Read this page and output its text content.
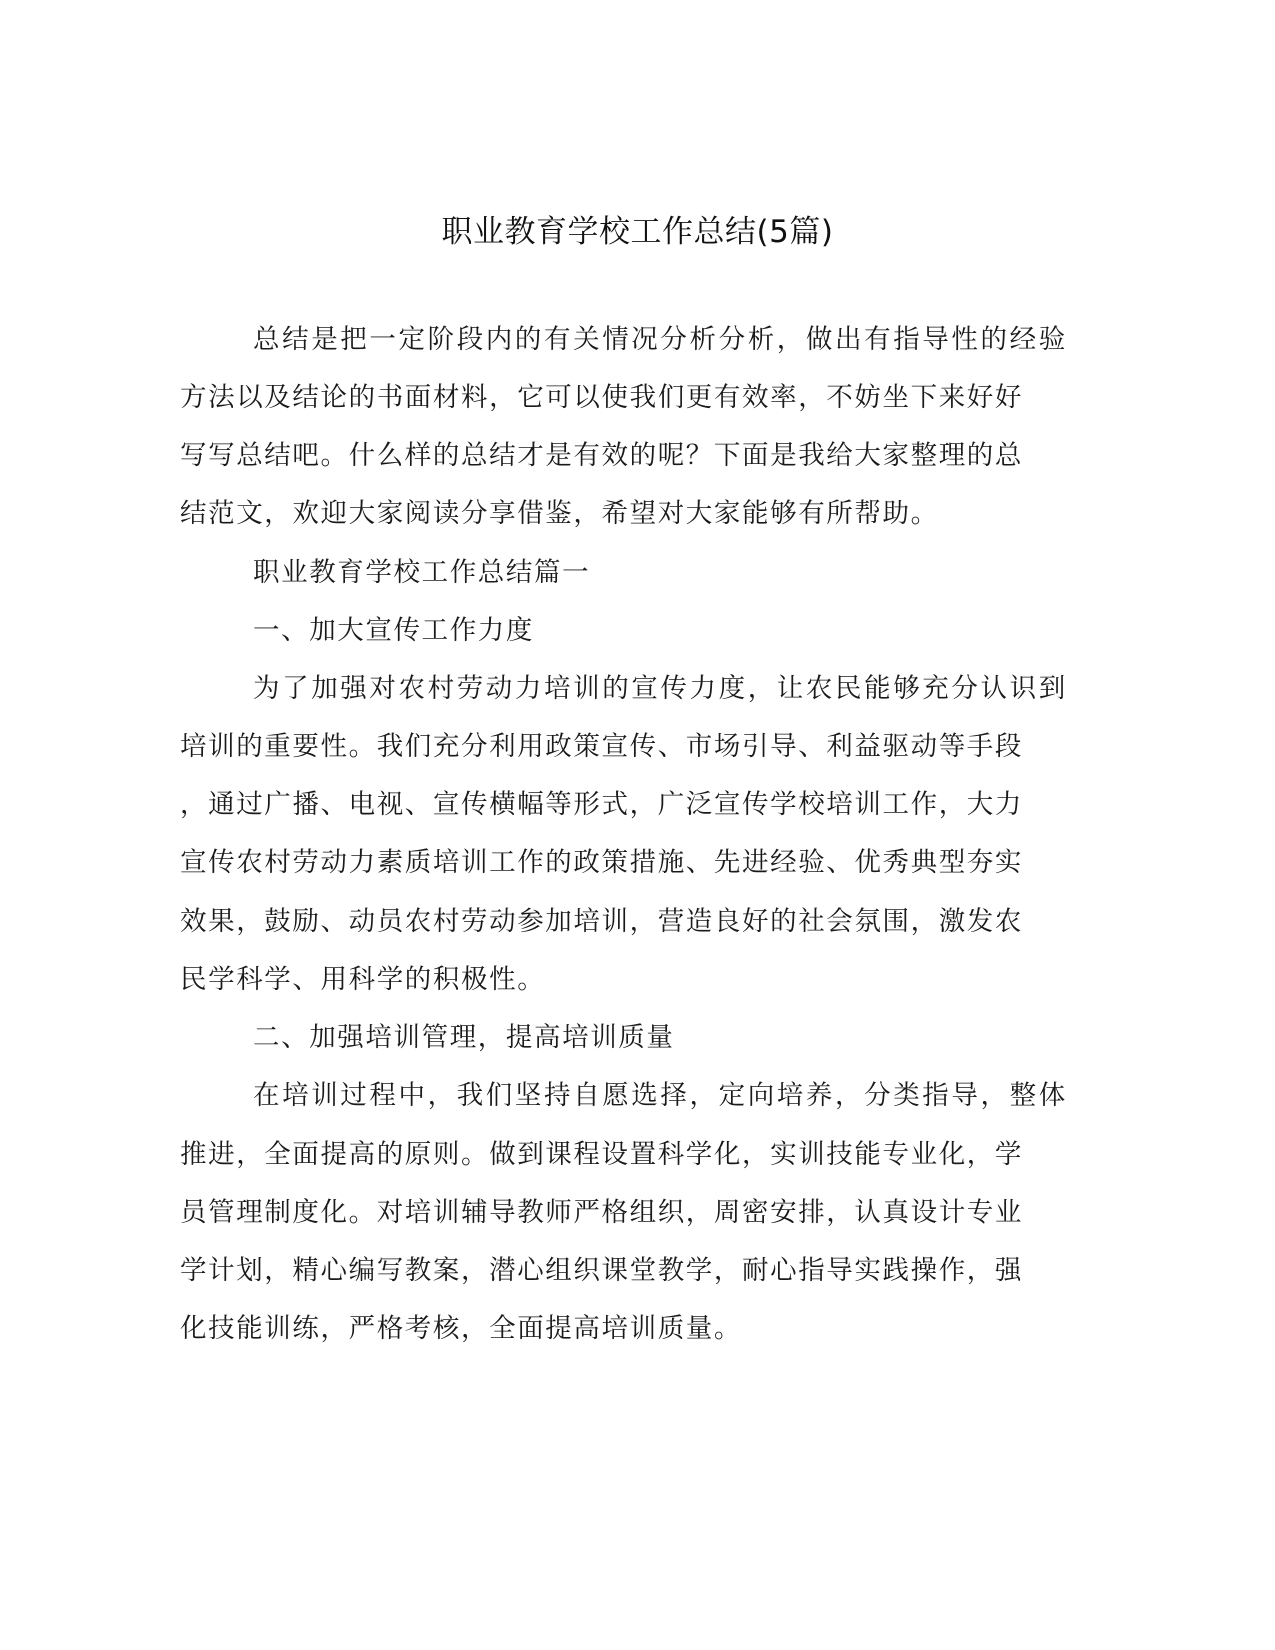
职业教育学校工作总结(5篇)
总结是把一定阶段内的有关情况分析分析，做出有指导性的经验
方法以及结论的书面材料，它可以使我们更有效率，不妨坐下来好好
写写总结吧。什么样的总结才是有效的呢？下面是我给大家整理的总
结范文，欢迎大家阅读分享借鉴，希望对大家能够有所帮助。
职业教育学校工作总结篇一
一、加大宣传工作力度
为了加强对农村劳动力培训的宣传力度，让农民能够充分认识到
培训的重要性。我们充分利用政策宣传、市场引导、利益驱动等手段
，通过广播、电视、宣传横幅等形式，广泛宣传学校培训工作，大力
宣传农村劳动力素质培训工作的政策措施、先进经验、优秀典型夯实
效果，鼓励、动员农村劳动参加培训，营造良好的社会氛围，激发农
民学科学、用科学的积极性。
二、加强培训管理，提高培训质量
在培训过程中，我们坚持自愿选择，定向培养，分类指导，整体
推进，全面提高的原则。做到课程设置科学化，实训技能专业化，学
员管理制度化。对培训辅导教师严格组织，周密安排，认真设计专业
学计划，精心编写教案，潜心组织课堂教学，耐心指导实践操作，强
化技能训练，严格考核，全面提高培训质量。
